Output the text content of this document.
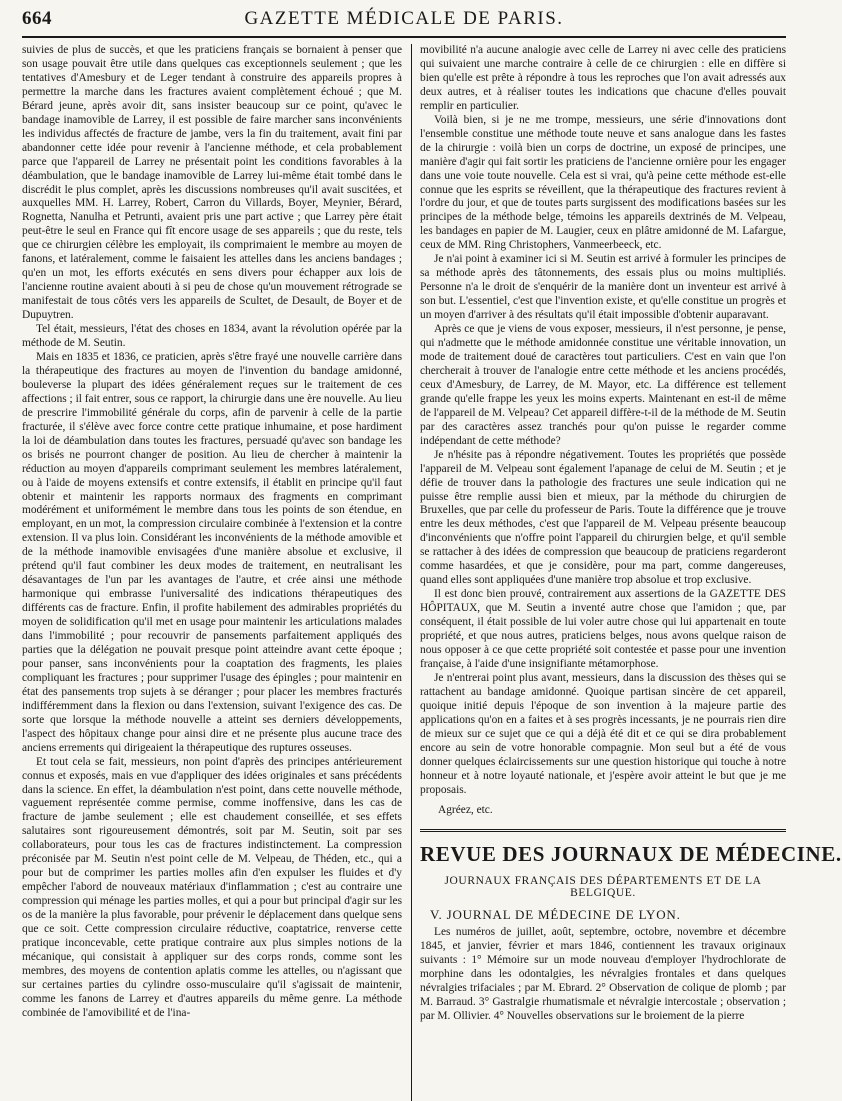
664	GAZETTE MÉDICALE DE PARIS.

suivies de plus de succès, et que les praticiens français se bornaient à penser que son usage pouvait être utile dans quelques cas exceptionnels seulement ; que les tentatives d'Amesbury et de Leger tendant à construire des appareils propres à permettre la marche dans les fractures avaient complètement échoué ; que M. Bérard jeune, après avoir dit, sans insister beaucoup sur ce point, qu'avec le bandage inamovible de Larrey, il est possible de faire marcher sans inconvénients les individus affectés de fracture de jambe, vers la fin du traitement, avait fini par abandonner cette idée pour revenir à l'ancienne méthode, et cela probablement parce que l'appareil de Larrey ne présentait point les conditions favorables à la déambulation, que le bandage inamovible de Larrey lui-même était tombé dans le discrédit le plus complet, après les discussions nombreuses qu'il avait suscitées, et auxquelles MM. H. Larrey, Robert, Carron du Villards, Boyer, Meynier, Bérard, Rognetta, Nanulha et Petrunti, avaient pris une part active ; que Larrey père était peut-être le seul en France qui fît encore usage de ses appareils ; que du reste, tels que ce chirurgien célèbre les employait, ils comprimaient le membre au moyen de fanons, et latéralement, comme le faisaient les attelles dans les anciens bandages ; qu'en un mot, les efforts exécutés en sens divers pour échapper aux lois de l'ancienne routine avaient abouti à si peu de chose qu'un mouvement rétrograde se manifestait de tous côtés vers les appareils de Scultet, de Desault, de Boyer et de Dupuytren.

Tel était, messieurs, l'état des choses en 1834, avant la révolution opérée par la méthode de M. Seutin.

Mais en 1835 et 1836, ce praticien, après s'être frayé une nouvelle carrière dans la thérapeutique des fractures au moyen de l'invention du bandage amidonné, bouleverse la plupart des idées généralement reçues sur le traitement de ces affections ; il fait entrer, sous ce rapport, la chirurgie dans une ère nouvelle. Au lieu de prescrire l'immobilité générale du corps, afin de parvenir à celle de la partie fracturée, il s'élève avec force contre cette pratique inhumaine, et pose hardiment la loi de déambulation dans toutes les fractures, persuadé qu'avec son bandage les os brisés ne pourront changer de position. Au lieu de chercher à maintenir la réduction au moyen d'appareils comprimant seulement les membres latéralement, ou à l'aide de moyens extensifs et contre extensifs, il établit en principe qu'il faut obtenir et maintenir les rapports normaux des fragments en comprimant modérément et uniformément le membre dans tous les points de son étendue, en employant, en un mot, la compression circulaire combinée à l'extension et la contre extension. Il va plus loin. Considérant les inconvénients de la méthode amovible et de la méthode inamovible envisagées d'une manière absolue et exclusive, il prétend qu'il faut combiner les deux modes de traitement, en neutralisant les désavantages de l'un par les avantages de l'autre, et crée ainsi une méthode harmonique qui embrasse l'universalité des indications thérapeutiques des différents cas de fracture. Enfin, il profite habilement des admirables propriétés du moyen de solidification qu'il met en usage pour maintenir les articulations malades dans l'immobilité ; pour recouvrir de pansements parfaitement appliqués des parties que la délégation ne pouvait presque point atteindre avant cette époque ; pour panser, sans inconvénients pour la coaptation des fragments, les plaies compliquant les fractures ; pour supprimer l'usage des épingles ; pour maintenir en état des pansements trop sujets à se déranger ; pour placer les membres fracturés indifféremment dans la flexion ou dans l'extension, suivant l'exigence des cas. De sorte que lorsque la méthode nouvelle a atteint ses derniers développements, l'aspect des hôpitaux change pour ainsi dire et ne présente plus aucune trace des anciens errements qui dirigeaient la thérapeutique des ruptures osseuses.

Et tout cela se fait, messieurs, non point d'après des principes antérieurement connus et exposés, mais en vue d'appliquer des idées originales et sans précédents dans la science. En effet, la déambulation n'est point, dans cette nouvelle méthode, vaguement représentée comme permise, comme inoffensive, dans les cas de fracture de jambe seulement ; elle est chaudement conseillée, et ses effets salutaires sont rigoureusement démontrés, soit par M. Seutin, soit par ses collaborateurs, pour tous les cas de fractures indistinctement. La compression préconisée par M. Seutin n'est point celle de M. Velpeau, de Théden, etc., qui a pour but de comprimer les parties molles afin d'en expulser les fluides et d'y empêcher l'abord de nouveaux matériaux d'inflammation ; c'est au contraire une compression qui ménage les parties molles, et qui a pour but principal d'agir sur les os de la manière la plus favorable, pour prévenir le déplacement dans quelque sens que ce soit. Cette compression circulaire réductive, coaptatrice, renverse cette pratique inconcevable, cette pratique contraire aux plus simples notions de la mécanique, qui consistait à appliquer sur des corps ronds, comme sont les membres, des moyens de contention aplatis comme les attelles, ou n'agissant que sur certaines parties du cylindre osso-musculaire qu'il s'agissait de maintenir, comme les fanons de Larrey et d'autres appareils du même genre. La méthode combinée de l'amovibilité et de l'ina-

movibilité n'a aucune analogie avec celle de Larrey ni avec celle des praticiens qui suivaient une marche contraire à celle de ce chirurgien : elle en diffère si bien qu'elle est prête à répondre à tous les reproches que l'on avait adressés aux deux autres, et à réaliser toutes les indications que chacune d'elles pouvait remplir en particulier.

Voilà bien, si je ne me trompe, messieurs, une série d'innovations dont l'ensemble constitue une méthode toute neuve et sans analogue dans les fastes de la chirurgie : voilà bien un corps de doctrine, un exposé de principes, une manière d'agir qui fait sortir les praticiens de l'ancienne ornière pour les engager dans une voie toute nouvelle. Cela est si vrai, qu'à peine cette méthode est-elle connue que les esprits se réveillent, que la thérapeutique des fractures revient à l'ordre du jour, et que de toutes parts surgissent des modifications basées sur les principes de la méthode belge, témoins les appareils dextrinés de M. Velpeau, les bandages en papier de M. Laugier, ceux en plâtre amidonné de M. Lafargue, ceux de MM. Ring Christophers, Vanmeerbeeck, etc.

Je n'ai point à examiner ici si M. Seutin est arrivé à formuler les principes de sa méthode après des tâtonnements, des essais plus ou moins multipliés. Personne n'a le droit de s'enquérir de la manière dont un inventeur est arrivé à son but. L'essentiel, c'est que l'invention existe, et qu'elle constitue un progrès et un moyen d'arriver à des résultats qu'il était impossible d'obtenir auparavant.

Après ce que je viens de vous exposer, messieurs, il n'est personne, je pense, qui n'admette que le méthode amidonnée constitue une véritable innovation, un mode de traitement doué de caractères tout particuliers. C'est en vain que l'on chercherait à trouver de l'analogie entre cette méthode et les anciens procédés, ceux d'Amesbury, de Larrey, de M. Mayor, etc. La différence est tellement grande qu'elle frappe les yeux les moins experts. Maintenant en est-il de même de l'appareil de M. Velpeau? Cet appareil diffère-t-il de la méthode de M. Seutin par des caractères assez tranchés pour qu'on puisse le regarder comme indépendant de cette méthode?

Je n'hésite pas à répondre négativement. Toutes les propriétés que possède l'appareil de M. Velpeau sont également l'apanage de celui de M. Seutin ; et je défie de trouver dans la pathologie des fractures une seule indication qui ne puisse être remplie aussi bien et mieux, par la méthode du chirurgien de Bruxelles, que par celle du professeur de Paris. Toute la différence que je trouve entre les deux méthodes, c'est que l'appareil de M. Velpeau présente beaucoup d'inconvénients que n'offre point l'appareil du chirurgien belge, et qu'il semble se rattacher à des idées de compression que beaucoup de praticiens regarderont comme hasardées, et que je considère, pour ma part, comme dangereuses, quand elles sont appliquées d'une manière trop absolue et trop exclusive.

Il est donc bien prouvé, contrairement aux assertions de la GAZETTE DES HÔPITAUX, que M. Seutin a inventé autre chose que l'amidon ; que, par conséquent, il était possible de lui voler autre chose qui lui appartenait en toute propriété, et que nous autres, praticiens belges, nous avons quelque raison de nous opposer à ce que cette propriété soit contestée et passe pour une invention française, à l'aide d'une insignifiante métamorphose.

Je n'entrerai point plus avant, messieurs, dans la discussion des thèses qui se rattachent au bandage amidonné. Quoique partisan sincère de cet appareil, quoique initié depuis l'époque de son invention à la majeure partie des applications qu'on en a faites et à ses progrès incessants, je ne pourrais rien dire de mieux sur ce sujet que ce qui a déjà été dit et ce qui se dira probablement encore au sein de votre honorable compagnie. Mon seul but a été de vous donner quelques éclaircissements sur une question historique qui touche à notre honneur et à notre loyauté nationale, et j'espère avoir atteint le but que je me proposais.

Agréez, etc.
REVUE DES JOURNAUX DE MÉDECINE.
JOURNAUX FRANÇAIS DES DÉPARTEMENTS ET DE LA BELGIQUE.
V. JOURNAL DE MÉDECINE DE LYON.

Les numéros de juillet, août, septembre, octobre, novembre et décembre 1845, et janvier, février et mars 1846, contiennent les travaux originaux suivants : 1° Mémoire sur un mode nouveau d'employer l'hydrochlorate de morphine dans les odontalgies, les névralgies frontales et dans quelques névralgies trifaciales ; par M. Ebrard. 2° Observation de colique de plomb ; par M. Barraud. 3° Gastralgie rhumatismale et névralgie intercostale ; observation ; par M. Ollivier. 4° Nouvelles observations sur le broiement de la pierre
